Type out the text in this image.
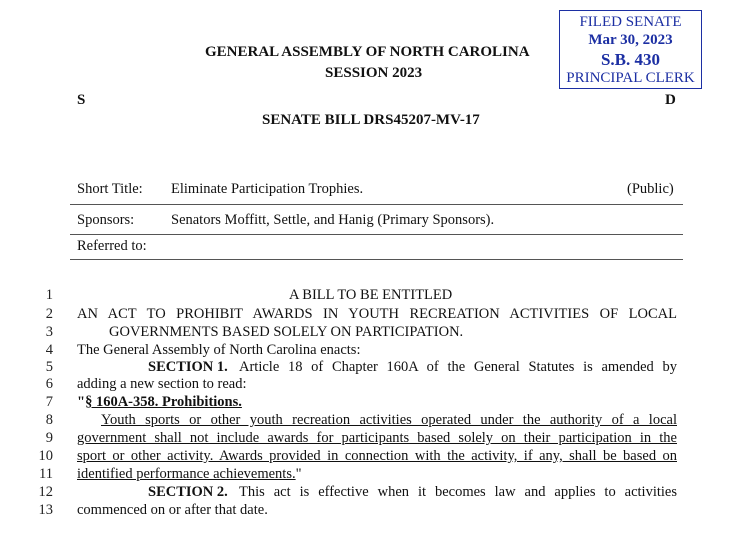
FILED SENATE
Mar 30, 2023
S.B. 430
PRINCIPAL CLERK
GENERAL ASSEMBLY OF NORTH CAROLINA
SESSION 2023
S	D
SENATE BILL DRS45207-MV-17
Short Title: Eliminate Participation Trophies.	(Public)
Sponsors:	Senators Moffitt, Settle, and Hanig (Primary Sponsors).
Referred to:
1
2
3
4
5
6
7
8
9
10
11
12
13
A BILL TO BE ENTITLED
AN ACT TO PROHIBIT AWARDS IN YOUTH RECREATION ACTIVITIES OF LOCAL
GOVERNMENTS BASED SOLELY ON PARTICIPATION.
The General Assembly of North Carolina enacts:
SECTION 1. Article 18 of Chapter 160A of the General Statutes is amended by
adding a new section to read:
"§ 160A-358. Prohibitions.
Youth sports or other youth recreation activities operated under the authority of a local
government shall not include awards for participants based solely on their participation in the
sport or other activity. Awards provided in connection with the activity, if any, shall be based on
identified performance achievements."
SECTION 2. This act is effective when it becomes law and applies to activities
commenced on or after that date.
